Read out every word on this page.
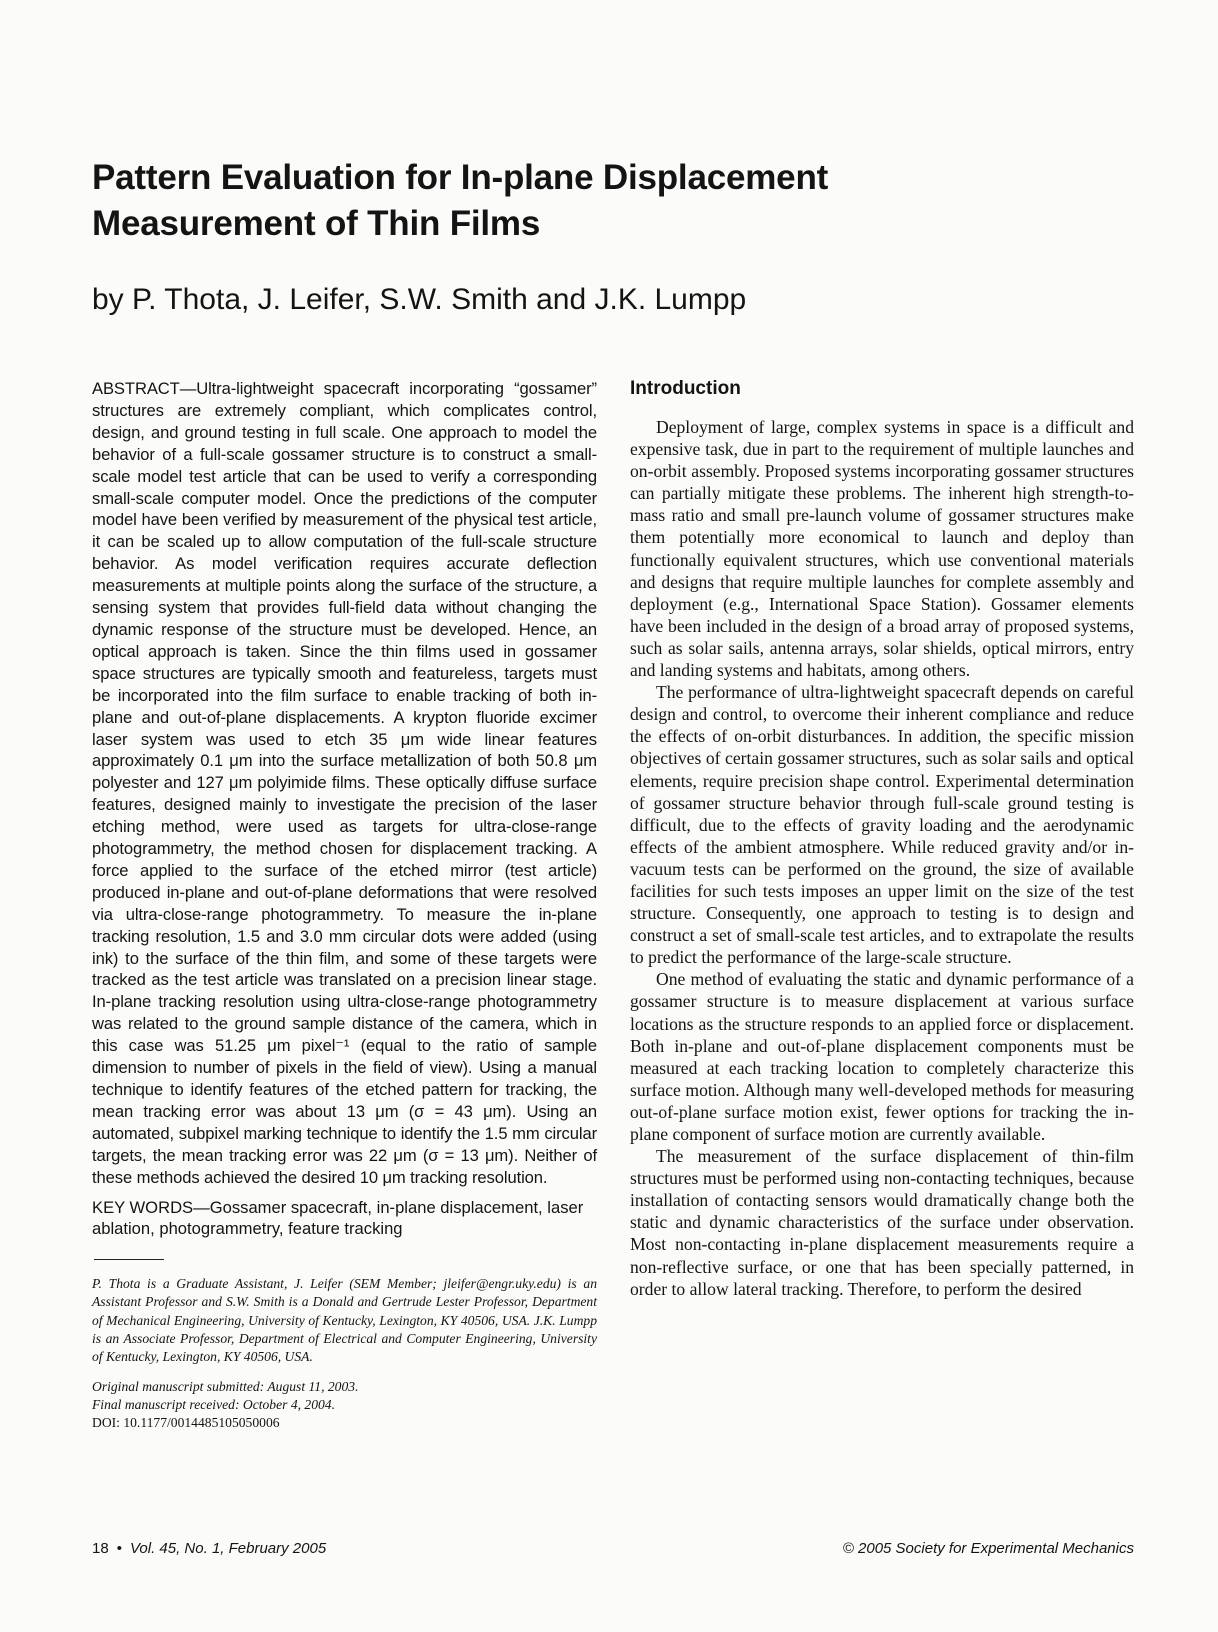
Pattern Evaluation for In-plane Displacement
Measurement of Thin Films
by P. Thota, J. Leifer, S.W. Smith and J.K. Lumpp

ABSTRACT—Ultra-lightweight spacecraft incorporating “gossamer” structures are extremely compliant, which complicates control, design, and ground testing in full scale. One approach to model the behavior of a full-scale gossamer structure is to construct a small-scale model test article that can be used to verify a corresponding small-scale computer model. Once the predictions of the computer model have been verified by measurement of the physical test article, it can be scaled up to allow computation of the full-scale structure behavior. As model verification requires accurate deflection measurements at multiple points along the surface of the structure, a sensing system that provides full-field data without changing the dynamic response of the structure must be developed. Hence, an optical approach is taken. Since the thin films used in gossamer space structures are typically smooth and featureless, targets must be incorporated into the film surface to enable tracking of both in-plane and out-of-plane displacements. A krypton fluoride excimer laser system was used to etch 35 μm wide linear features approximately 0.1 μm into the surface metallization of both 50.8 μm polyester and 127 μm polyimide films. These optically diffuse surface features, designed mainly to investigate the precision of the laser etching method, were used as targets for ultra-close-range photogrammetry, the method chosen for displacement tracking. A force applied to the surface of the etched mirror (test article) produced in-plane and out-of-plane deformations that were resolved via ultra-close-range photogrammetry. To measure the in-plane tracking resolution, 1.5 and 3.0 mm circular dots were added (using ink) to the surface of the thin film, and some of these targets were tracked as the test article was translated on a precision linear stage. In-plane tracking resolution using ultra-close-range photogrammetry was related to the ground sample distance of the camera, which in this case was 51.25 μm pixel⁻¹ (equal to the ratio of sample dimension to number of pixels in the field of view). Using a manual technique to identify features of the etched pattern for tracking, the mean tracking error was about 13 μm (σ = 43 μm). Using an automated, subpixel marking technique to identify the 1.5 mm circular targets, the mean tracking error was 22 μm (σ = 13 μm). Neither of these methods achieved the desired 10 μm tracking resolution.

KEY WORDS—Gossamer spacecraft, in-plane displacement, laser ablation, photogrammetry, feature tracking

P. Thota is a Graduate Assistant, J. Leifer (SEM Member; jleifer@engr.uky.edu) is an Assistant Professor and S.W. Smith is a Donald and Gertrude Lester Professor, Department of Mechanical Engineering, University of Kentucky, Lexington, KY 40506, USA. J.K. Lumpp is an Associate Professor, Department of Electrical and Computer Engineering, University of Kentucky, Lexington, KY 40506, USA.

Original manuscript submitted: August 11, 2003.
Final manuscript received: October 4, 2004.
DOI: 10.1177/0014485105050006

Introduction

Deployment of large, complex systems in space is a difficult and expensive task, due in part to the requirement of multiple launches and on-orbit assembly. Proposed systems incorporating gossamer structures can partially mitigate these problems. The inherent high strength-to-mass ratio and small pre-launch volume of gossamer structures make them potentially more economical to launch and deploy than functionally equivalent structures, which use conventional materials and designs that require multiple launches for complete assembly and deployment (e.g., International Space Station). Gossamer elements have been included in the design of a broad array of proposed systems, such as solar sails, antenna arrays, solar shields, optical mirrors, entry and landing systems and habitats, among others.

The performance of ultra-lightweight spacecraft depends on careful design and control, to overcome their inherent compliance and reduce the effects of on-orbit disturbances. In addition, the specific mission objectives of certain gossamer structures, such as solar sails and optical elements, require precision shape control. Experimental determination of gossamer structure behavior through full-scale ground testing is difficult, due to the effects of gravity loading and the aerodynamic effects of the ambient atmosphere. While reduced gravity and/or in-vacuum tests can be performed on the ground, the size of available facilities for such tests imposes an upper limit on the size of the test structure. Consequently, one approach to testing is to design and construct a set of small-scale test articles, and to extrapolate the results to predict the performance of the large-scale structure.

One method of evaluating the static and dynamic performance of a gossamer structure is to measure displacement at various surface locations as the structure responds to an applied force or displacement. Both in-plane and out-of-plane displacement components must be measured at each tracking location to completely characterize this surface motion. Although many well-developed methods for measuring out-of-plane surface motion exist, fewer options for tracking the in-plane component of surface motion are currently available.

The measurement of the surface displacement of thin-film structures must be performed using non-contacting techniques, because installation of contacting sensors would dramatically change both the static and dynamic characteristics of the surface under observation. Most non-contacting in-plane displacement measurements require a non-reflective surface, or one that has been specially patterned, in order to allow lateral tracking. Therefore, to perform the desired

18 • Vol. 45, No. 1, February 2005	© 2005 Society for Experimental Mechanics
